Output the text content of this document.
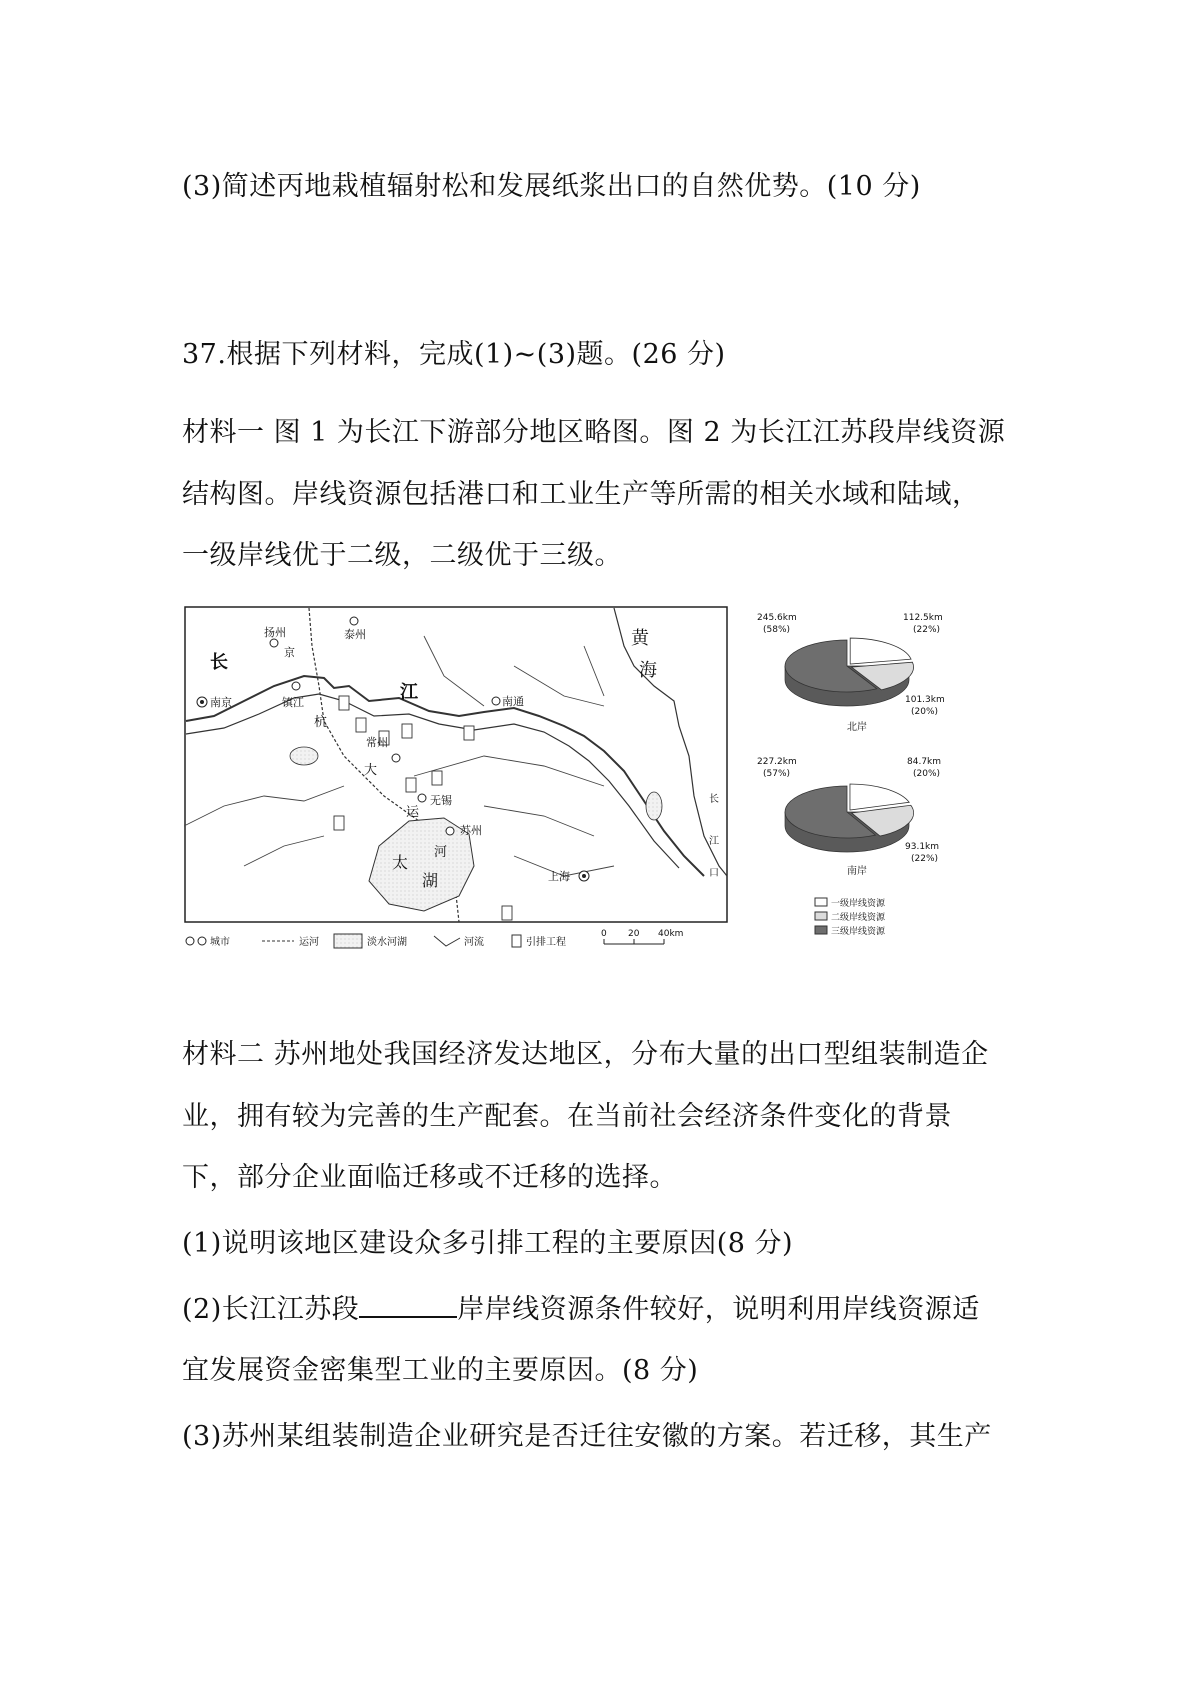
(3)简述丙地栽植辐射松和发展纸浆出口的自然优势。(10 分)
37.根据下列材料，完成(1)~(3)题。(26 分)
材料一 图 1 为长江下游部分地区略图。图 2 为长江江苏段岸线资源
结构图。岸线资源包括港口和工业生产等所需的相关水域和陆域，
一级岸线优于二级，二级优于三级。
黄
海
长
江
扬州
京
泰州
南京	镇江
杭
常州
大
运
河
无锡
苏州
南通
上海
太
湖
长
江
口
城市	运河	淡水河湖	河流	引排工程
0 20 40km
245.6km
(58%)
112.5km
(22%)
101.3km
(20%)
北岸
227.2km
(57%)
84.7km
(20%)
93.1km
(22%)
南岸
一级岸线资源
二级岸线资源
三级岸线资源
材料二 苏州地处我国经济发达地区，分布大量的出口型组装制造企
业，拥有较为完善的生产配套。在当前社会经济条件变化的背景
下，部分企业面临迁移或不迁移的选择。
(1)说明该地区建设众多引排工程的主要原因(8 分)
(2)长江江苏段	岸岸线资源条件较好，说明利用岸线资源适
宜发展资金密集型工业的主要原因。(8 分)
(3)苏州某组装制造企业研究是否迁往安徽的方案。若迁移，其生产
